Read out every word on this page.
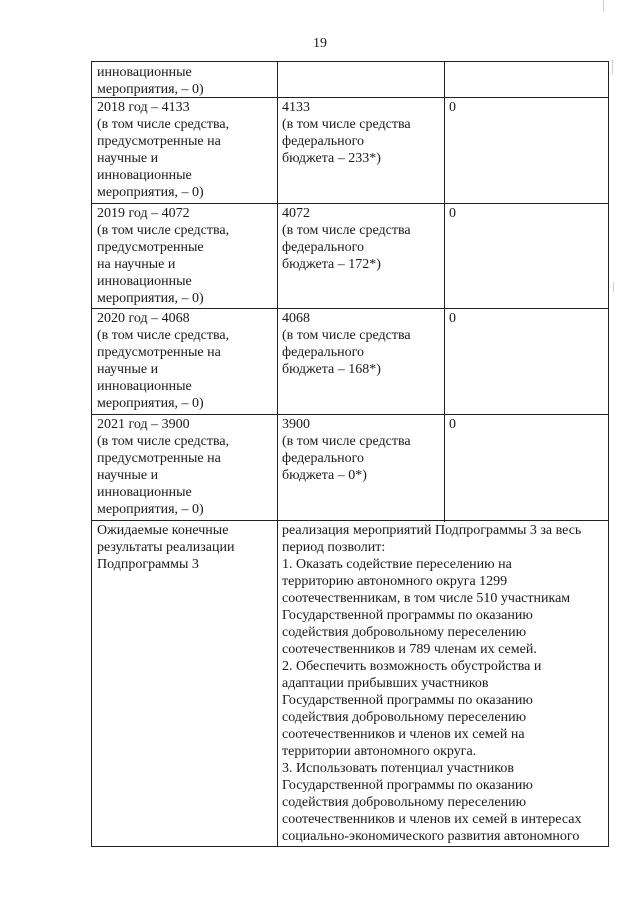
19
инновационные
мероприятия, – 0)
2018 год – 4133
(в том числе средства,
предусмотренные на
научные и
инновационные
мероприятия, – 0)
4133
(в том числе средства
федерального
бюджета – 233*)
0
2019 год – 4072
(в том числе средства,
предусмотренные
на научные и
инновационные
мероприятия, – 0)
4072
(в том числе средства
федерального
бюджета – 172*)
0
2020 год – 4068
(в том числе средства,
предусмотренные на
научные и
инновационные
мероприятия, – 0)
4068
(в том числе средства
федерального
бюджета – 168*)
0
2021 год – 3900
(в том числе средства,
предусмотренные на
научные и
инновационные
мероприятия, – 0)
3900
(в том числе средства
федерального
бюджета – 0*)
0
Ожидаемые конечные
результаты реализации
Подпрограммы 3
реализация мероприятий Подпрограммы 3 за весь
период позволит:
1. Оказать содействие переселению на
территорию автономного округа 1299
соотечественникам, в том числе 510 участникам
Государственной программы по оказанию
содействия добровольному переселению
соотечественников и 789 членам их семей.
2. Обеспечить возможность обустройства и
адаптации прибывших участников
Государственной программы по оказанию
содействия добровольному переселению
соотечественников и членов их семей на
территории автономного округа.
3. Использовать потенциал участников
Государственной программы по оказанию
содействия добровольному переселению
соотечественников и членов их семей в интересах
социально-экономического развития автономного
